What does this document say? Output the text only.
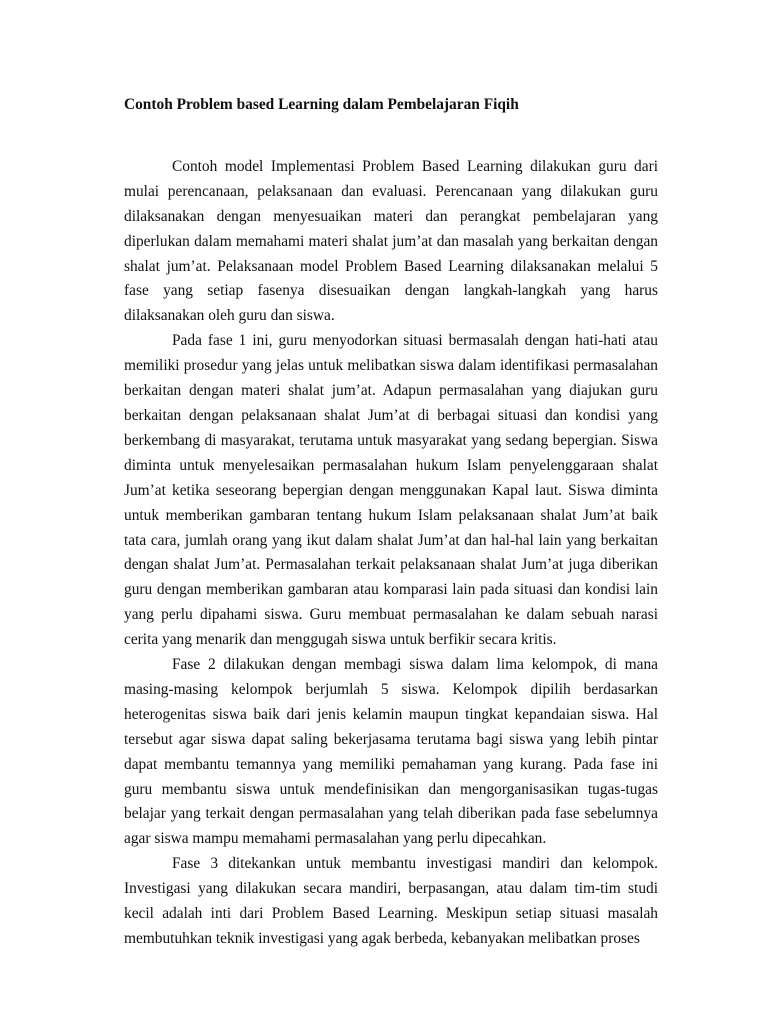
Contoh Problem based Learning dalam Pembelajaran Fiqih

Contoh model Implementasi Problem Based Learning dilakukan guru dari mulai perencanaan, pelaksanaan dan evaluasi. Perencanaan yang dilakukan guru dilaksanakan dengan menyesuaikan materi dan perangkat pembelajaran yang diperlukan dalam memahami materi shalat jum’at dan masalah yang berkaitan dengan shalat jum’at. Pelaksanaan model Problem Based Learning dilaksanakan melalui 5 fase yang setiap fasenya disesuaikan dengan langkah-langkah yang harus dilaksanakan oleh guru dan siswa.

Pada fase 1 ini, guru menyodorkan situasi bermasalah dengan hati-hati atau memiliki prosedur yang jelas untuk melibatkan siswa dalam identifikasi permasalahan berkaitan dengan materi shalat jum’at. Adapun permasalahan yang diajukan guru berkaitan dengan pelaksanaan shalat Jum’at di berbagai situasi dan kondisi yang berkembang di masyarakat, terutama untuk masyarakat yang sedang bepergian. Siswa diminta untuk menyelesaikan permasalahan hukum Islam penyelenggaraan shalat Jum’at ketika seseorang bepergian dengan menggunakan Kapal laut. Siswa diminta untuk memberikan gambaran tentang hukum Islam pelaksanaan shalat Jum’at baik tata cara, jumlah orang yang ikut dalam shalat Jum’at dan hal-hal lain yang berkaitan dengan shalat Jum’at. Permasalahan terkait pelaksanaan shalat Jum’at juga diberikan guru dengan memberikan gambaran atau komparasi lain pada situasi dan kondisi lain yang perlu dipahami siswa. Guru membuat permasalahan ke dalam sebuah narasi cerita yang menarik dan menggugah siswa untuk berfikir secara kritis.

Fase 2 dilakukan dengan membagi siswa dalam lima kelompok, di mana masing-masing kelompok berjumlah 5 siswa. Kelompok dipilih berdasarkan heterogenitas siswa baik dari jenis kelamin maupun tingkat kepandaian siswa. Hal tersebut agar siswa dapat saling bekerjasama terutama bagi siswa yang lebih pintar dapat membantu temannya yang memiliki pemahaman yang kurang. Pada fase ini guru membantu siswa untuk mendefinisikan dan mengorganisasikan tugas-tugas belajar yang terkait dengan permasalahan yang telah diberikan pada fase sebelumnya agar siswa mampu memahami permasalahan yang perlu dipecahkan.

Fase 3 ditekankan untuk membantu investigasi mandiri dan kelompok. Investigasi yang dilakukan secara mandiri, berpasangan, atau dalam tim-tim studi kecil adalah inti dari Problem Based Learning. Meskipun setiap situasi masalah membutuhkan teknik investigasi yang agak berbeda, kebanyakan melibatkan proses
